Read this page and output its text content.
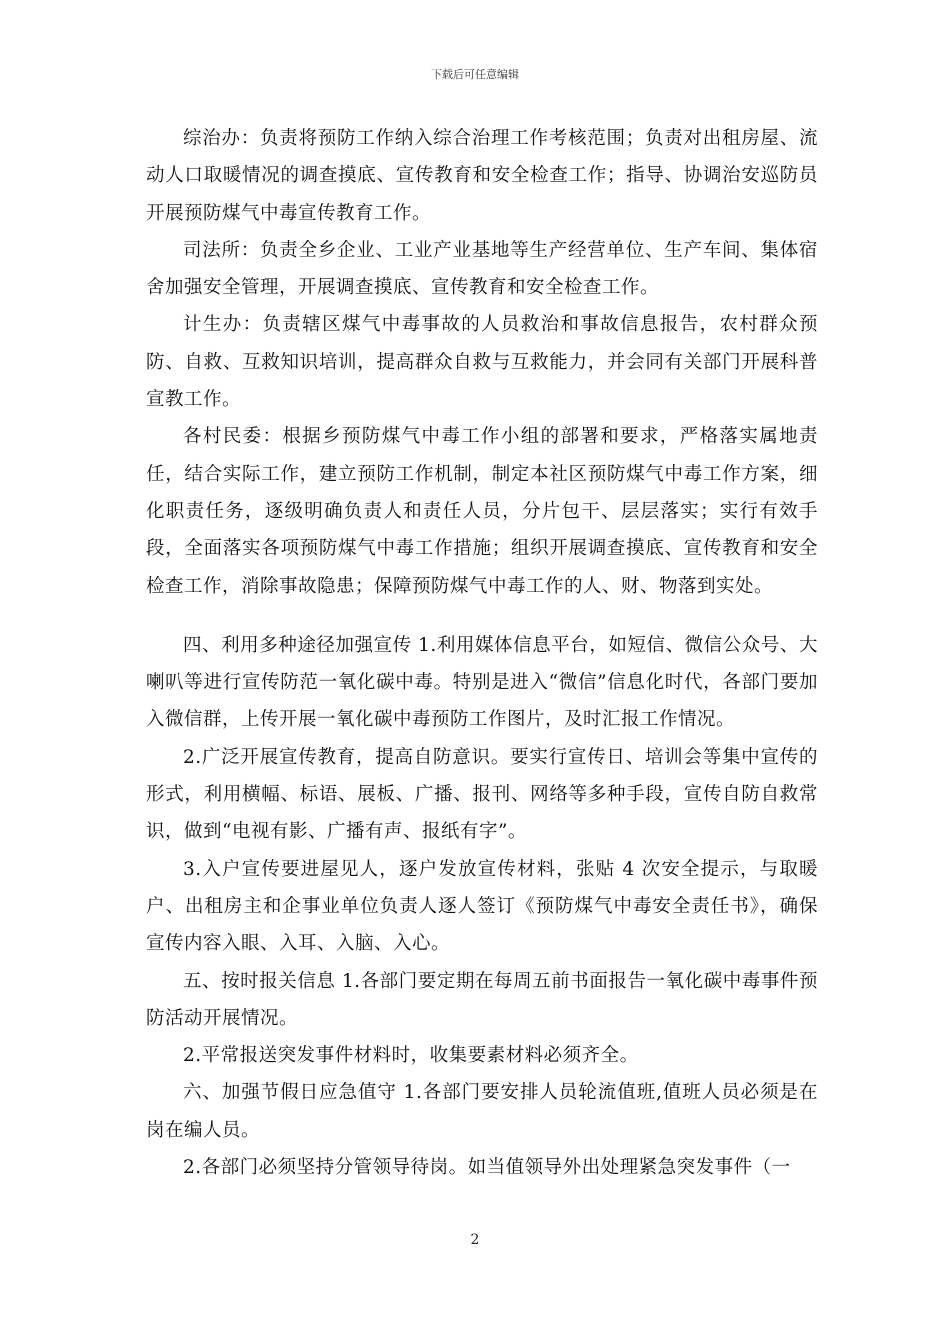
下载后可任意编辑

综治办：负责将预防工作纳入综合治理工作考核范围；负责对出租房屋、流动人口取暖情况的调查摸底、宣传教育和安全检查工作；指导、协调治安巡防员开展预防煤气中毒宣传教育工作。

司法所：负责全乡企业、工业产业基地等生产经营单位、生产车间、集体宿舍加强安全管理，开展调查摸底、宣传教育和安全检查工作。

计生办：负责辖区煤气中毒事故的人员救治和事故信息报告，农村群众预防、自救、互救知识培训，提高群众自救与互救能力，并会同有关部门开展科普宣教工作。

各村民委：根据乡预防煤气中毒工作小组的部署和要求，严格落实属地责任，结合实际工作，建立预防工作机制，制定本社区预防煤气中毒工作方案，细化职责任务，逐级明确负责人和责任人员，分片包干、层层落实；实行有效手段，全面落实各项预防煤气中毒工作措施；组织开展调查摸底、宣传教育和安全检查工作，消除事故隐患；保障预防煤气中毒工作的人、财、物落到实处。

四、利用多种途径加强宣传 1.利用媒体信息平台，如短信、微信公众号、大喇叭等进行宣传防范一氧化碳中毒。特别是进入“微信”信息化时代，各部门要加入微信群，上传开展一氧化碳中毒预防工作图片，及时汇报工作情况。

2.广泛开展宣传教育，提高自防意识。要实行宣传日、培训会等集中宣传的形式，利用横幅、标语、展板、广播、报刊、网络等多种手段，宣传自防自救常识，做到“电视有影、广播有声、报纸有字”。

3.入户宣传要进屋见人，逐户发放宣传材料，张贴 4 次安全提示，与取暖户、出租房主和企事业单位负责人逐人签订《预防煤气中毒安全责任书》，确保宣传内容入眼、入耳、入脑、入心。

五、按时报关信息 1.各部门要定期在每周五前书面报告一氧化碳中毒事件预防活动开展情况。

2.平常报送突发事件材料时，收集要素材料必须齐全。

六、加强节假日应急值守 1.各部门要安排人员轮流值班,值班人员必须是在岗在编人员。

2.各部门必须坚持分管领导待岗。如当值领导外出处理紧急突发事件（一

2
